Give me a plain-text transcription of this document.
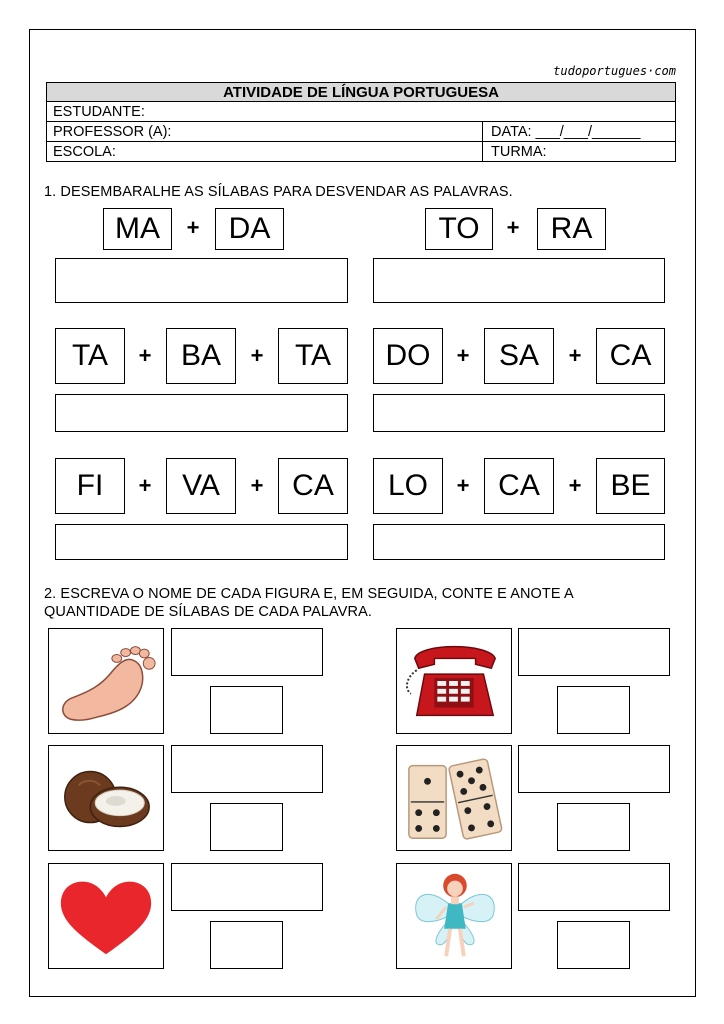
tudoportugues·com
ATIVIDADE DE LÍNGUA PORTUGUESA
ESTUDANTE:
PROFESSOR (A):	DATA: ___/___/______
ESCOLA:	TURMA:
1. DESEMBARALHE AS SÍLABAS PARA DESVENDAR AS PALAVRAS.
MA	+ DA	TO	+	RA
TA	+ BA	+	TA	DO	+ SA	+ CA
FI	+	VA	+ CA	LO	+ CA	+ BE
2. ESCREVA O NOME DE CADA FIGURA E, EM SEGUIDA, CONTE E ANOTE A
QUANTIDADE DE SÍLABAS DE CADA PALAVRA.
